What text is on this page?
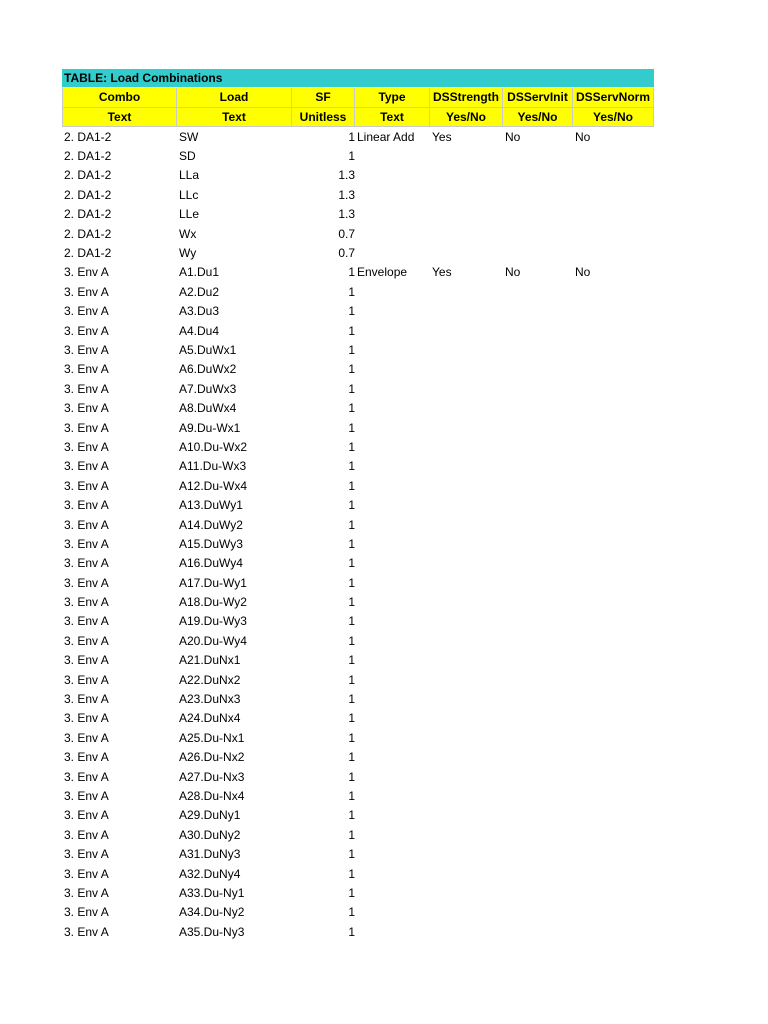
TABLE: Load Combinations
Combo	Load	SF	Type	DSStrength DSServInit DSServNorm
Text	Text	Unitless	Text	Yes/No	Yes/No	Yes/No
2. DA1-2	SW	1 Linear Add	Yes	No	No
2. DA1-2	SD	1
2. DA1-2	LLa	1.3
2. DA1-2	LLc	1.3
2. DA1-2	LLe	1.3
2. DA1-2	Wx	0.7
2. DA1-2	Wy	0.7
3. Env A	A1.Du1	1 Envelope	Yes	No	No
3. Env A	A2.Du2	1
3. Env A	A3.Du3	1
3. Env A	A4.Du4	1
3. Env A	A5.DuWx1	1
3. Env A	A6.DuWx2	1
3. Env A	A7.DuWx3	1
3. Env A	A8.DuWx4	1
3. Env A	A9.Du-Wx1	1
3. Env A	A10.Du-Wx2	1
3. Env A	A11.Du-Wx3	1
3. Env A	A12.Du-Wx4	1
3. Env A	A13.DuWy1	1
3. Env A	A14.DuWy2	1
3. Env A	A15.DuWy3	1
3. Env A	A16.DuWy4	1
3. Env A	A17.Du-Wy1	1
3. Env A	A18.Du-Wy2	1
3. Env A	A19.Du-Wy3	1
3. Env A	A20.Du-Wy4	1
3. Env A	A21.DuNx1	1
3. Env A	A22.DuNx2	1
3. Env A	A23.DuNx3	1
3. Env A	A24.DuNx4	1
3. Env A	A25.Du-Nx1	1
3. Env A	A26.Du-Nx2	1
3. Env A	A27.Du-Nx3	1
3. Env A	A28.Du-Nx4	1
3. Env A	A29.DuNy1	1
3. Env A	A30.DuNy2	1
3. Env A	A31.DuNy3	1
3. Env A	A32.DuNy4	1
3. Env A	A33.Du-Ny1	1
3. Env A	A34.Du-Ny2	1
3. Env A	A35.Du-Ny3	1
